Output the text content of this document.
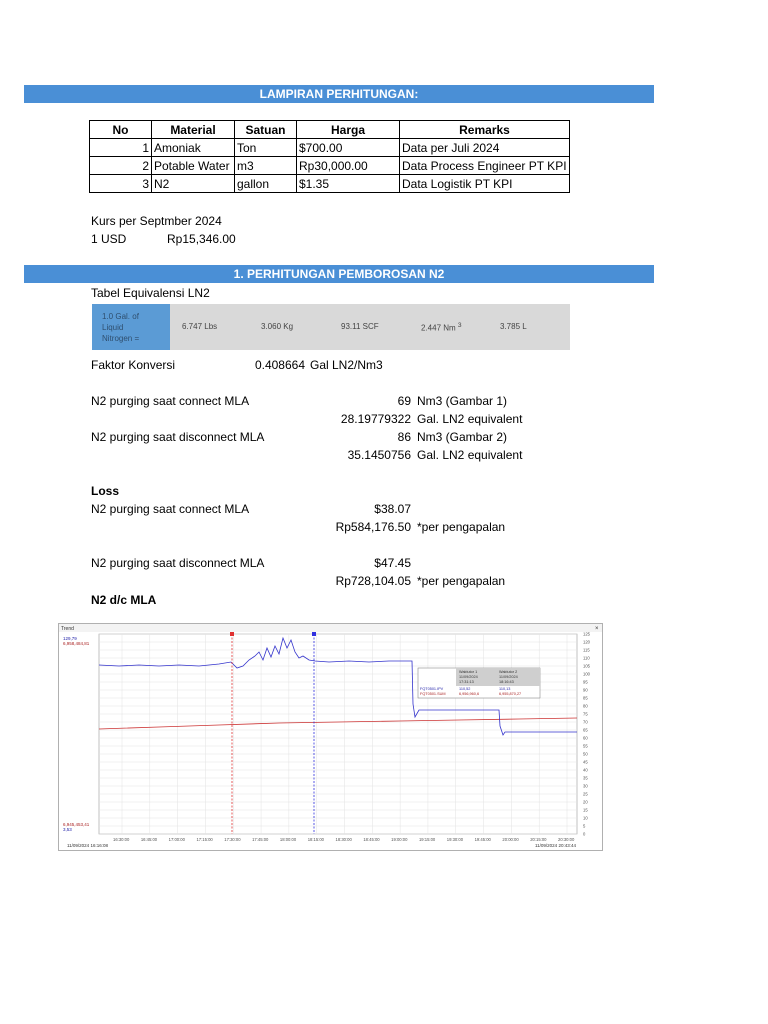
LAMPIRAN PERHITUNGAN:
No	Material	Satuan	Harga	Remarks
1	Amoniak	Ton	$700.00	Data per Juli 2024
2	Potable Water	m3	Rp30,000.00	Data Process Engineer PT KPI
3	N2	gallon	$1.35	Data Logistik PT KPI
Kurs per Septmber 2024
1 USD	Rp15,346.00
1. PERHITUNGAN PEMBOROSAN N2
Tabel Equivalensi LN2
1.0 Gal. of
Liquid
Nitrogen =
6.747 Lbs	3.060 Kg	93.11 SCF	2.447 Nm $^3$	3.785 L
Faktor Konversi	0.408664 Gal LN2/Nm3
N2 purging saat connect MLA	69 Nm3 (Gambar 1)
28.19779322 Gal. LN2 equivalent
N2 purging saat disconnect MLA	86 Nm3 (Gambar 2)
35.1450756 Gal. LN2 equivalent
Loss
N2 purging saat connect MLA	$38.07
Rp584,176.50 *per pengapalan
N2 purging saat disconnect MLA	$47.45
Rp728,104.05 *per pengapalan
N2 d/c MLA
Trend	×
129,79
6,958,484,81
6,945,453,41
3,53
125
120
115
110
105
100
95
90
85
80
75
70
65
60
55
50
45
40
35
30
25
20
15
10
5
0
16:30:00	16:45:00	17:00:00	17:15:00	17:30:00	17:45:00	18:00:00	18:15:00	18:30:00	18:45:00	19:00:00	19:15:00	19:30:00	19:45:00	20:00:00	20:15:00	20:30:00
Waktutor 1	Waktutor 2
11/09/2024	11/09/2024
17:31:13	18:16:43
FQT0501.IPV	110,52	110,13
FQT0501.SUM	6,956,960,6	6,955,870,27
11/09/2024 16:16:08	11/09/2024 20:43:44
